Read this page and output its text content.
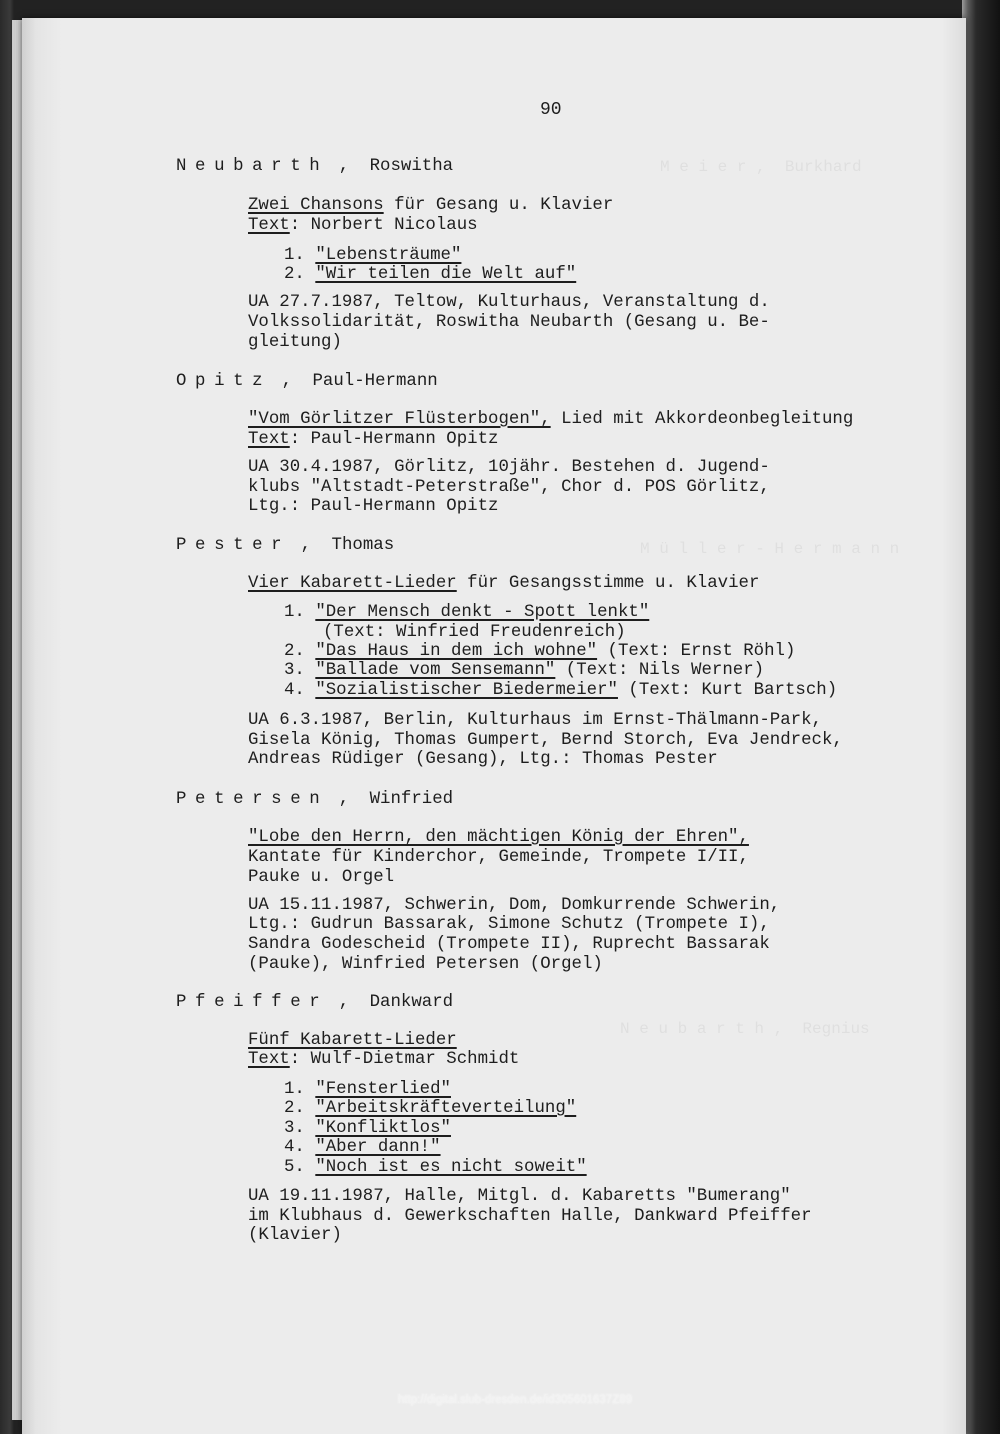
M e i e r ,  Burkhard
M ü l l e r - H e r m a n n
N e u b a r t h ,  Regnius
90
Neubarth , Roswitha
Zwei Chansons für Gesang u. Klavier
Text: Norbert Nicolaus
1. "Lebensträume"
2. "Wir teilen die Welt auf"
UA 27.7.1987, Teltow, Kulturhaus, Veranstaltung d.
Volkssolidarität, Roswitha Neubarth (Gesang u. Be-
gleitung)
Opitz , Paul-Hermann
"Vom Görlitzer Flüsterbogen", Lied mit Akkordeonbegleitung
Text: Paul-Hermann Opitz
UA 30.4.1987, Görlitz, 10jähr. Bestehen d. Jugend-
klubs "Altstadt-Peterstraße", Chor d. POS Görlitz,
Ltg.: Paul-Hermann Opitz
Pester , Thomas
Vier Kabarett-Lieder für Gesangsstimme u. Klavier
1. "Der Mensch denkt - Spott lenkt"
(Text: Winfried Freudenreich)
2. "Das Haus in dem ich wohne" (Text: Ernst Röhl)
3. "Ballade vom Sensemann" (Text: Nils Werner)
4. "Sozialistischer Biedermeier" (Text: Kurt Bartsch)
UA 6.3.1987, Berlin, Kulturhaus im Ernst-Thälmann-Park,
Gisela König, Thomas Gumpert, Bernd Storch, Eva Jendreck,
Andreas Rüdiger (Gesang), Ltg.: Thomas Pester
Petersen , Winfried
"Lobe den Herrn, den mächtigen König der Ehren",
Kantate für Kinderchor, Gemeinde, Trompete I/II,
Pauke u. Orgel
UA 15.11.1987, Schwerin, Dom, Domkurrende Schwerin,
Ltg.: Gudrun Bassarak, Simone Schutz (Trompete I),
Sandra Godescheid (Trompete II), Ruprecht Bassarak
(Pauke), Winfried Petersen (Orgel)
Pfeiffer , Dankward
Fünf Kabarett-Lieder
Text: Wulf-Dietmar Schmidt
1. "Fensterlied"
2. "Arbeitskräfteverteilung"
3. "Konfliktlos"
4. "Aber dann!"
5. "Noch ist es nicht soweit"
UA 19.11.1987, Halle, Mitgl. d. Kabaretts "Bumerang"
im Klubhaus d. Gewerkschaften Halle, Dankward Pfeiffer
(Klavier)
http://digital.slub-dresden.de/id305601637Z89
